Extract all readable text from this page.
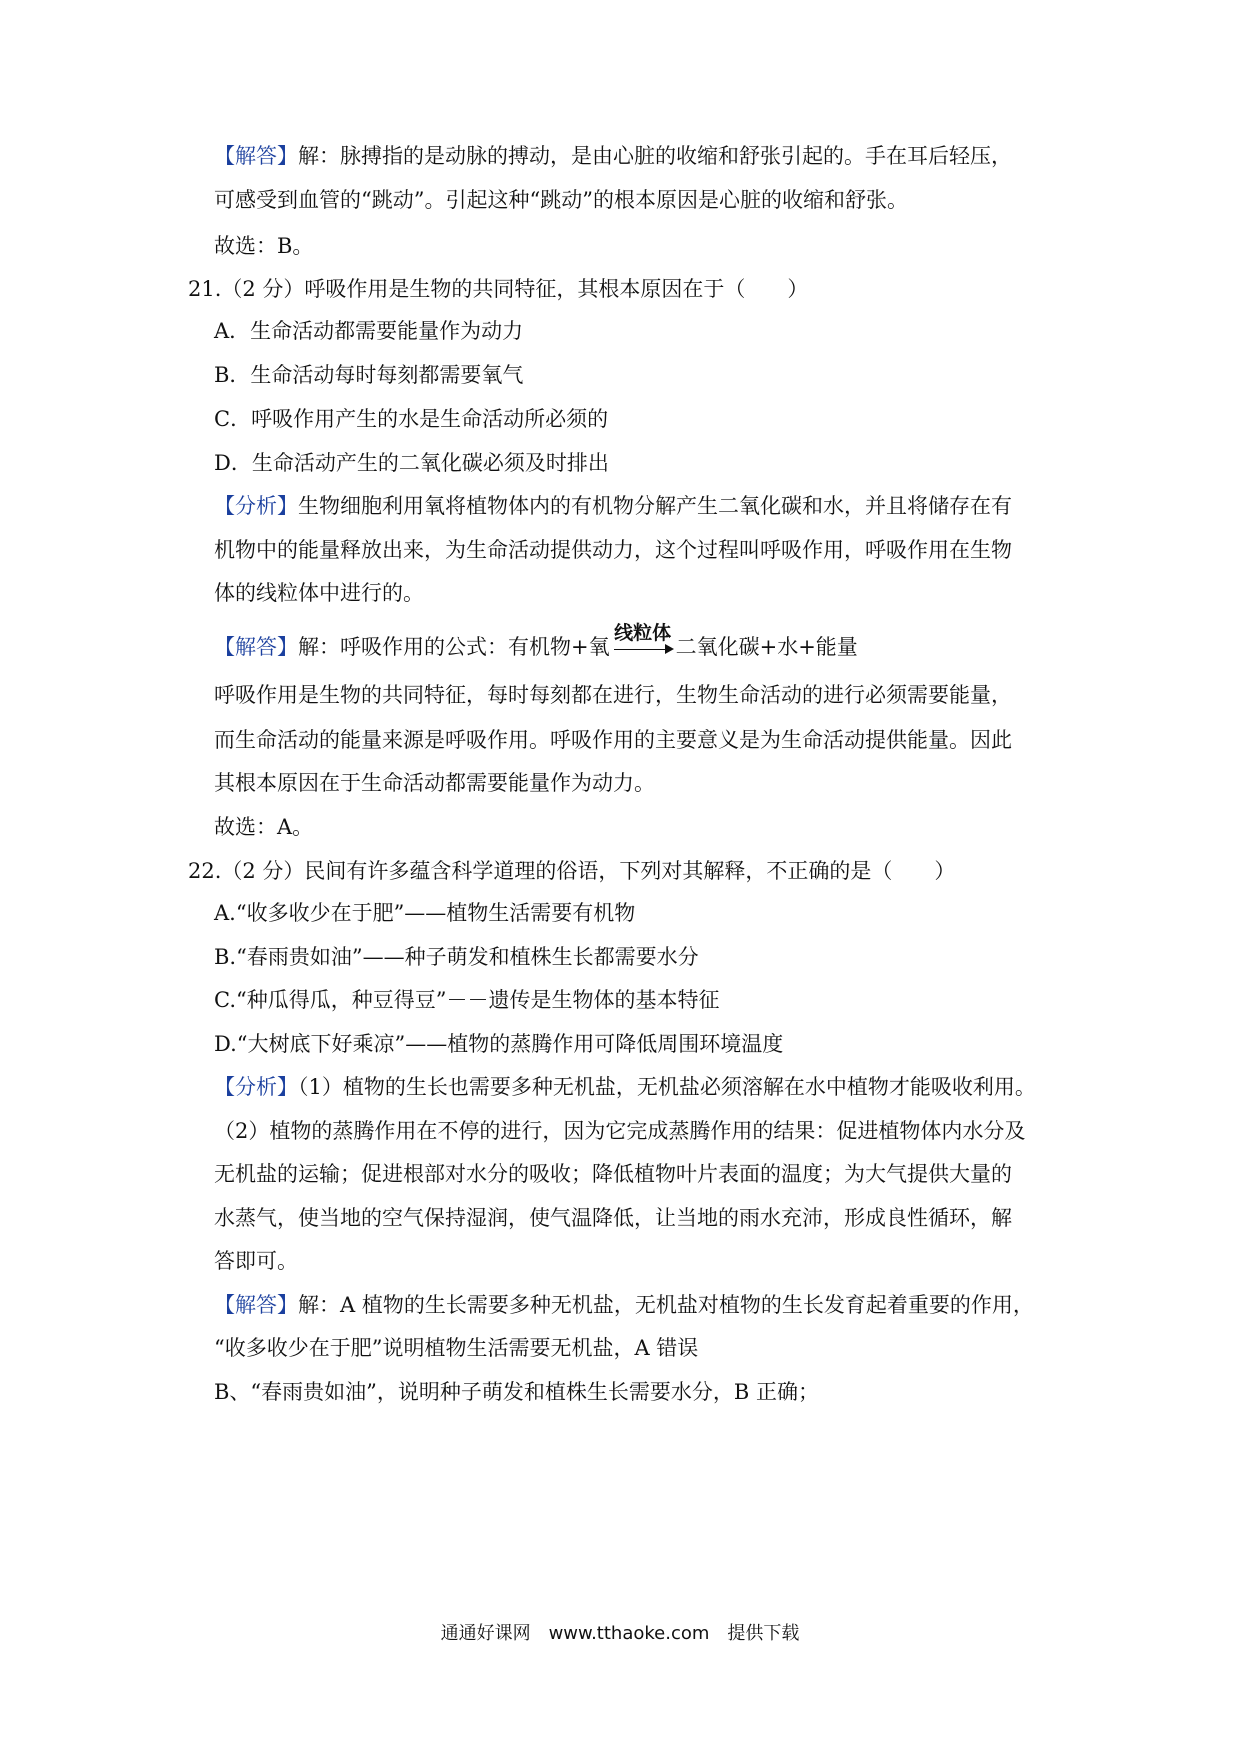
【解答】解：脉搏指的是动脉的搏动，是由心脏的收缩和舒张引起的。手在耳后轻压，
可感受到血管的“跳动”。引起这种“跳动”的根本原因是心脏的收缩和舒张。
故选：B。
21.（2 分）呼吸作用是生物的共同特征，其根本原因在于（　　）
A．生命活动都需要能量作为动力
B．生命活动每时每刻都需要氧气
C．呼吸作用产生的水是生命活动所必须的
D．生命活动产生的二氧化碳必须及时排出
【分析】生物细胞利用氧将植物体内的有机物分解产生二氧化碳和水，并且将储存在有
机物中的能量释放出来，为生命活动提供动力，这个过程叫呼吸作用，呼吸作用在生物
体的线粒体中进行的。
【解答】解：呼吸作用的公式：有机物+氧
线粒体
二氧化碳+水+能量
呼吸作用是生物的共同特征，每时每刻都在进行，生物生命活动的进行必须需要能量，
而生命活动的能量来源是呼吸作用。呼吸作用的主要意义是为生命活动提供能量。因此
其根本原因在于生命活动都需要能量作为动力。
故选：A。
22.（2 分）民间有许多蕴含科学道理的俗语，下列对其解释，不正确的是（　　）
A.“收多收少在于肥”——植物生活需要有机物
B.“春雨贵如油”——种子萌发和植株生长都需要水分
C.“种瓜得瓜，种豆得豆”－－遗传是生物体的基本特征
D.“大树底下好乘凉”——植物的蒸腾作用可降低周围环境温度
【分析】（1）植物的生长也需要多种无机盐，无机盐必须溶解在水中植物才能吸收利用。
（2）植物的蒸腾作用在不停的进行，因为它完成蒸腾作用的结果：促进植物体内水分及
无机盐的运输；促进根部对水分的吸收；降低植物叶片表面的温度；为大气提供大量的
水蒸气，使当地的空气保持湿润，使气温降低，让当地的雨水充沛，形成良性循环，解
答即可。
【解答】解：A 植物的生长需要多种无机盐，无机盐对植物的生长发育起着重要的作用，
“收多收少在于肥”说明植物生活需要无机盐，A 错误
B、“春雨贵如油”，说明种子萌发和植株生长需要水分，B 正确；
通通好课网　www.tthaoke.com　提供下载
